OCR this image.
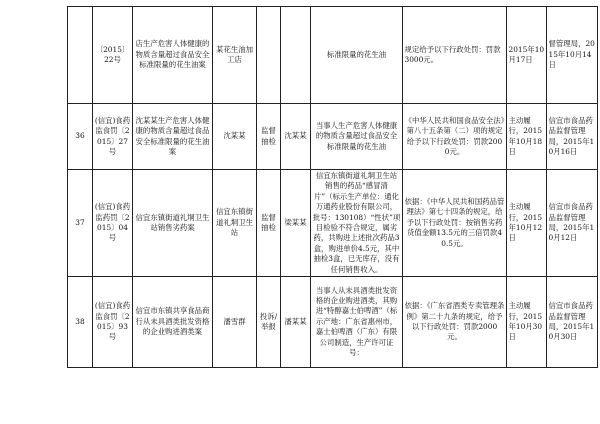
	〔2015〕22号	店生产危害人体健康的物质含量超过食品安全标准限量的花生油案	某花生油加工店			标准限量的花生油	规定给予以下行政处罚：罚款3000元。	2015年10月17日	督管理局，2015年10月14日
36	(信宜)食药监食罚〔2015〕27号	沈某某生产危害人体健康的物质含量超过食品安全标准限量的花生油案	沈某某	监督抽检	沈某某	当事人生产危害人体健康的物质含量超过食品安全标准限量的花生油	《中华人民共和国食品安全法》第八十五条第（二）项的规定给予以下行政处罚：罚款2000元。	主动履行，2015年10月18日	信宜市食品药品监督管理局，2015年10月16日
37	(信宜)食药监药罚〔2015〕04号	信宜东镇街道礼垌卫生站销售劣药案	信宜东镇街道礼垌卫生站	监督抽检	梁某某	信宜东镇街道礼垌卫生站销售的药品“感冒清片”（标示生产单位：通化万通药业股份有限公司，批号：130108）“性状”项目检验不符合规定，属劣药，共购进上述批次药品3盒，购进单价4.5元，其中抽检3盒，已无库存，没有任何销售收入。	依据：《中华人民共和国药品管理法》第七十四条的规定，给予以下行政处罚：按销售劣药货值金额13.5元的三倍罚款40.5元。	主动履行，2015年10月12日	信宜市食品药品监督管理局，2015年10月12日
38	(信宜)食药监食罚〔2015〕93号	信宜市东镇共享食品商行从未具酒类批发资格的企业购进酒类案	潘雪群	投诉/举报	潘某某	当事人从未具酒类批发资格的企业购进酒类，其购进“特醇嘉士伯啤酒”（标示产地：广东省惠州市，嘉士伯啤酒（广东）有限公司制造，生产许可证号：	依据：《广东省酒类专卖管理条例》第二十九条的规定，给予以下行政处罚：罚款2000元。	主动履行，2015年10月30日	信宜市食品药品监督管理局，2015年10月30日
